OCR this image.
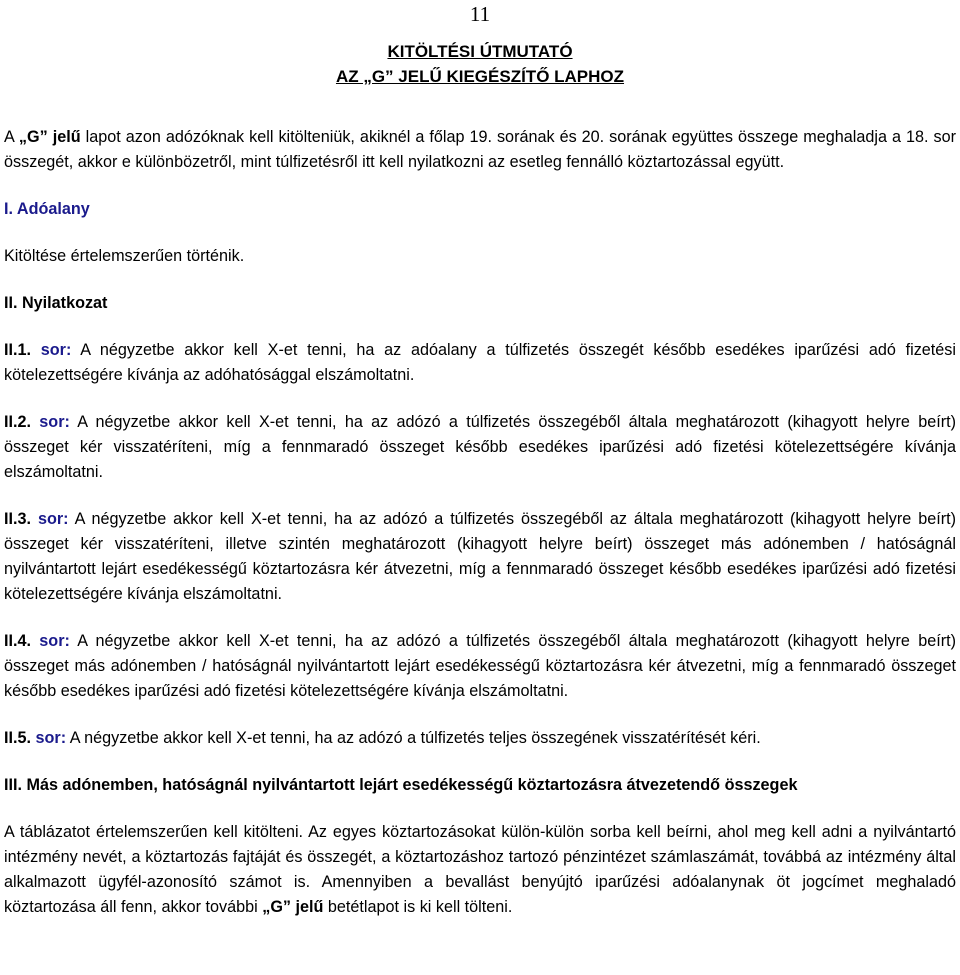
11
KITÖLTÉSI ÚTMUTATÓ
AZ „G” JELŰ KIEGÉSZÍTŐ LAPHOZ

A „G” jelű lapot azon adózóknak kell kitölteniük, akiknél a főlap 19. sorának és 20. sorának együttes összege meghaladja a 18. sor összegét, akkor e különbözetről, mint túlfizetésről itt kell nyilatkozni az esetleg fennálló köztartozással együtt.

I. Adóalany

Kitöltése értelemszerűen történik.

II. Nyilatkozat

II.1. sor: A négyzetbe akkor kell X-et tenni, ha az adóalany a túlfizetés összegét később esedékes iparűzési adó fizetési kötelezettségére kívánja az adóhatósággal elszámoltatni.

II.2. sor: A négyzetbe akkor kell X-et tenni, ha az adózó a túlfizetés összegéből általa meghatározott (kihagyott helyre beírt) összeget kér visszatéríteni, míg a fennmaradó összeget később esedékes iparűzési adó fizetési kötelezettségére kívánja elszámoltatni.

II.3. sor: A négyzetbe akkor kell X-et tenni, ha az adózó a túlfizetés összegéből az általa meghatározott (kihagyott helyre beírt) összeget kér visszatéríteni, illetve szintén meghatározott (kihagyott helyre beírt) összeget más adónemben / hatóságnál nyilvántartott lejárt esedékességű köztartozásra kér átvezetni, míg a fennmaradó összeget később esedékes iparűzési adó fizetési kötelezettségére kívánja elszámoltatni.

II.4. sor: A négyzetbe akkor kell X-et tenni, ha az adózó a túlfizetés összegéből általa meghatározott (kihagyott helyre beírt) összeget más adónemben / hatóságnál nyilvántartott lejárt esedékességű köztartozásra kér átvezetni, míg a fennmaradó összeget később esedékes iparűzési adó fizetési kötelezettségére kívánja elszámoltatni.

II.5. sor: A négyzetbe akkor kell X-et tenni, ha az adózó a túlfizetés teljes összegének visszatérítését kéri.

III. Más adónemben, hatóságnál nyilvántartott lejárt esedékességű köztartozásra átvezetendő összegek

A táblázatot értelemszerűen kell kitölteni. Az egyes köztartozásokat külön-külön sorba kell beírni, ahol meg kell adni a nyilvántartó intézmény nevét, a köztartozás fajtáját és összegét, a köztartozáshoz tartozó pénzintézet számlaszámát, továbbá az intézmény által alkalmazott ügyfél-azonosító számot is. Amennyiben a bevallást benyújtó iparűzési adóalanynak öt jogcímet meghaladó köztartozása áll fenn, akkor további „G” jelű betétlapot is ki kell tölteni.
